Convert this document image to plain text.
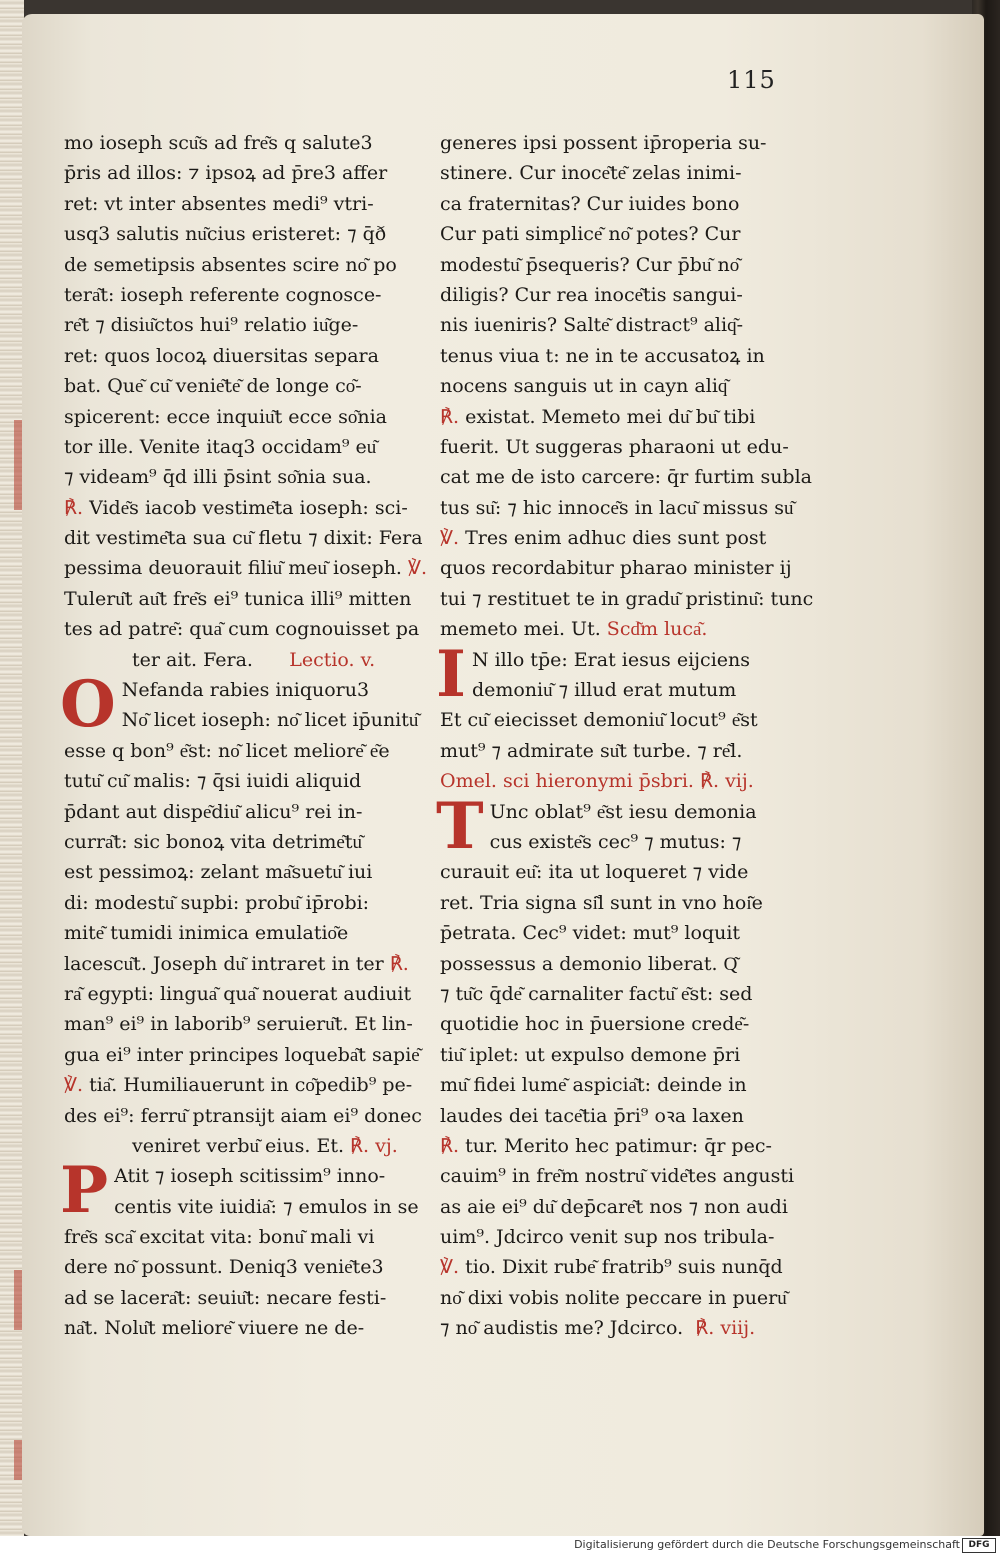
115
mo ioseph scu͂s ad fre͂s q salute3
p̄ris ad illos: ⁊ ipsoꝝ ad p̄re3 affer
ret: vt inter absentes medi⁹ vtri-
usq3 salutis nu͂cius eristeret: ⁊ q̄ð
de semetipsis absentes scire no͂ po
tera͂t: ioseph referente cognosce-
re͂t ⁊ disiu͂ctos hui⁹ relatio iu͂ge-
ret: quos locoꝝ diuersitas separa
bat. Que͂ cu͂ venie͂te͂ de longe co͂-
spicerent: ecce inquiu͂t ecce so͂nia
tor ille. Venite itaq3 occidam⁹ eu͂
⁊ videam⁹ q̄d illi p̄sint so͂nia sua.
℟. Vide͂s iacob vestime͂ta ioseph: sci-
dit vestime͂ta sua cu͂ fletu ⁊ dixit: Fera
pessima deuorauit filiu͂ meu͂ ioseph. ℣.
Tuleru͂t au͂t fre͂s ei⁹ tunica illi⁹ mitten
tes ad patre͂: qua͂ cum cognouisset pa
ter ait. Fera. Lectio. v.
O Nefanda rabies iniquoru3
No͂ licet ioseph: no͂ licet ip̄unitu͂
esse q bon⁹ e͂st: no͂ licet meliore͂ e͂e
tutu͂ cu͂ malis: ⁊ q̄si iuidi aliquid
p̄dant aut dispe͂diu͂ alicu⁹ rei in-
curra͂t: sic bonoꝝ vita detrime͂tu͂
est pessimoꝝ: zelant ma͂suetu͂ iui
di: modestu͂ supbi: probu͂ ip̄robi:
mite͂ tumidi inimica emulatio͂e
lacescu͂t. Joseph du͂ intraret in ter ℟.
ra͂ egypti: lingua͂ qua͂ nouerat audiuit
man⁹ ei⁹ in laborib⁹ seruieru͂t. Et lin-
gua ei⁹ inter principes loqueba͂t sapie͂
℣. tia͂. Humiliauerunt in co͂pedib⁹ pe-
des ei⁹: ferru͂ ptransijt aiam ei⁹ donec
veniret verbu͂ eius. Et. ℟. vj.
P Atit ⁊ ioseph scitissim⁹ inno-
centis vite iuidia͂: ⁊ emulos in se
fre͂s sca͂ excitat vita: bonu͂ mali vi
dere no͂ possunt. Deniq3 venie͂te3
ad se lacera͂t: seuiu͂t: necare festi-
na͂t. Nolu͂t meliore͂ viuere ne de-
generes ipsi possent ip̄roperia su-
stinere. Cur inoce͂te͂ zelas inimi-
ca fraternitas? Cur iuides bono
Cur pati simplice͂ no͂ potes? Cur
modestu͂ p̄sequeris? Cur p̄bu͂ no͂
diligis? Cur rea inoce͂tis sangui-
nis iueniris? Salte͂ distract⁹ aliq͂-
tenus viua t: ne in te accusatoꝝ in
nocens sanguis ut in cayn aliq͂
℟. existat. Memeto mei du͂ bu͂ tibi
fuerit. Ut suggeras pharaoni ut edu-
cat me de isto carcere: q̄r furtim subla
tus su͂: ⁊ hic innoce͂s in lacu͂ missus su͂
℣. Tres enim adhuc dies sunt post
quos recordabitur pharao minister ij
tui ⁊ restituet te in gradu͂ pristinu͂: tunc
memeto mei. Ut. Scd͂m luca͂.
I N illo tp̄e: Erat iesus eijciens
demoniu͂ ⁊ illud erat mutum
Et cu͂ eiecisset demoniu͂ locut⁹ e͂st
mut⁹ ⁊ admirate su͂t turbe. ⁊ re͂l.
Omel. sci hieronymi p̄sbri. ℟. vij.
T Unc oblat⁹ e͂st iesu demonia
cus existe͂s cec⁹ ⁊ mutus: ⁊
curauit eu͂: ita ut loqueret ⁊ vide
ret. Tria signa si͂l sunt in vno hoi͂e
p̄etrata. Cec⁹ videt: mut⁹ loquit
possessus a demonio liberat. Q͂
⁊ tu͂c q̄de͂ carnaliter factu͂ e͂st: sed
quotidie hoc in p̄uersione crede͂-
tiu͂ iplet: ut expulso demone p̄ri
mu͂ fidei lume͂ aspicia͂t: deinde in
laudes dei tace͂tia p̄ri⁹ oꝛa laxen
℟. tur. Merito hec patimur: q̄r pec-
cauim⁹ in fre͂m nostru͂ vide͂tes angusti
as aie ei⁹ du͂ dep̄care͂t nos ⁊ non audi
uim⁹. Jdcirco venit sup nos tribula-
℣. tio. Dixit rube͂ fratrib⁹ suis nunq̄d
no͂ dixi vobis nolite peccare in pueru͂
⁊ no͂ audistis me? Jdcirco. ℟. viij.
Digitalisierung gefördert durch die Deutsche Forschungsgemeinschaft DFG
